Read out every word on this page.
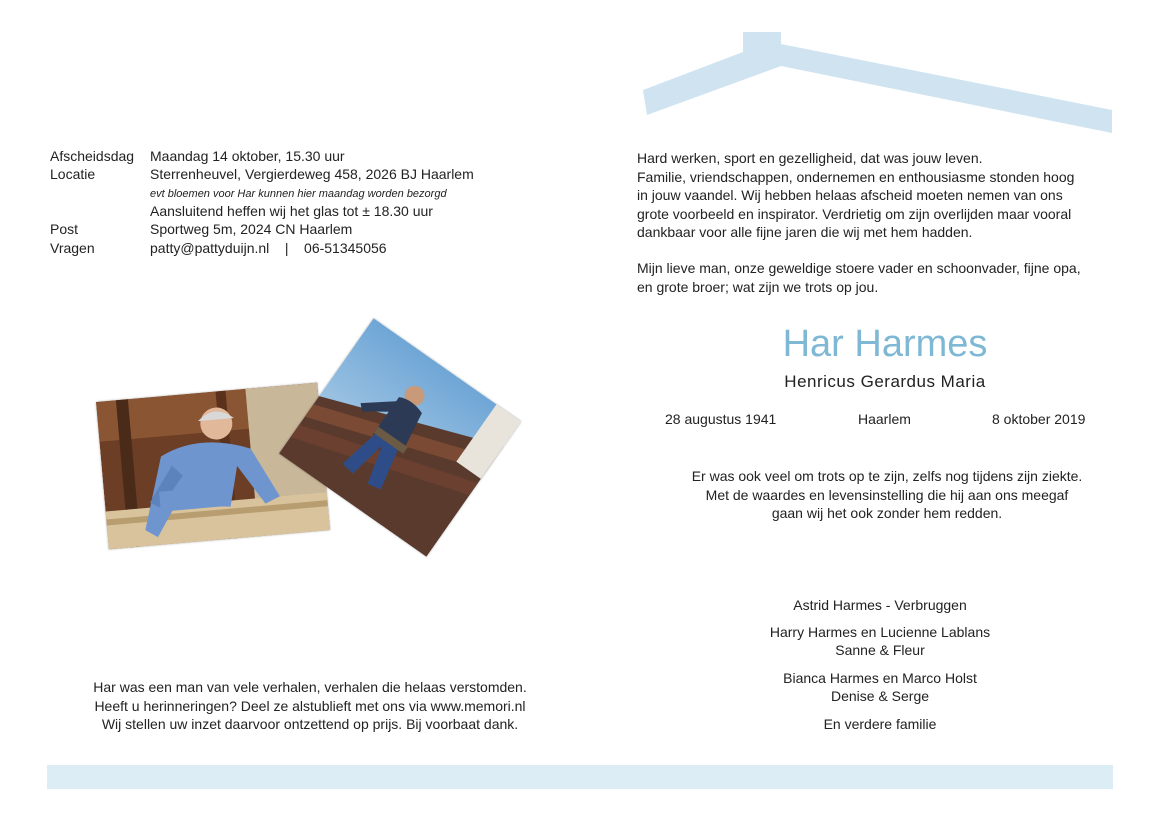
Afscheidsdag	Maandag 14 oktober, 15.30 uur
Locatie	Sterrenheuvel, Vergierdeweg 458, 2026 BJ Haarlem
evt bloemen voor Har kunnen hier maandag worden bezorgd
Aansluitend heffen wij het glas tot ± 18.30 uur
Post	Sportweg 5m, 2024 CN Haarlem
Vragen	patty@pattyduijn.nl    |    06-51345056
Har was een man van vele verhalen, verhalen die helaas verstomden.
Heeft u herinneringen? Deel ze alstublieft met ons via www.memori.nl
Wij stellen uw inzet daarvoor ontzettend op prijs. Bij voorbaat dank.
Hard werken, sport en gezelligheid, dat was jouw leven.
Familie, vriendschappen, ondernemen en enthousiasme stonden hoog
in jouw vaandel. Wij hebben helaas afscheid moeten nemen van ons
grote voorbeeld en inspirator. Verdrietig om zijn overlijden maar vooral
dankbaar voor alle fijne jaren die wij met hem hadden.
Mijn lieve man, onze geweldige stoere vader en schoonvader, fijne opa,
en grote broer; wat zijn we trots op jou.
Har Harmes
Henricus Gerardus Maria
28 augustus 1941	Haarlem	8 oktober 2019
Er was ook veel om trots op te zijn, zelfs nog tijdens zijn ziekte.
Met de waardes en levensinstelling die hij aan ons meegaf
gaan wij het ook zonder hem redden.
Astrid Harmes - Verbruggen
Harry Harmes en Lucienne Lablans
Sanne & Fleur
Bianca Harmes en Marco Holst
Denise & Serge
En verdere familie
